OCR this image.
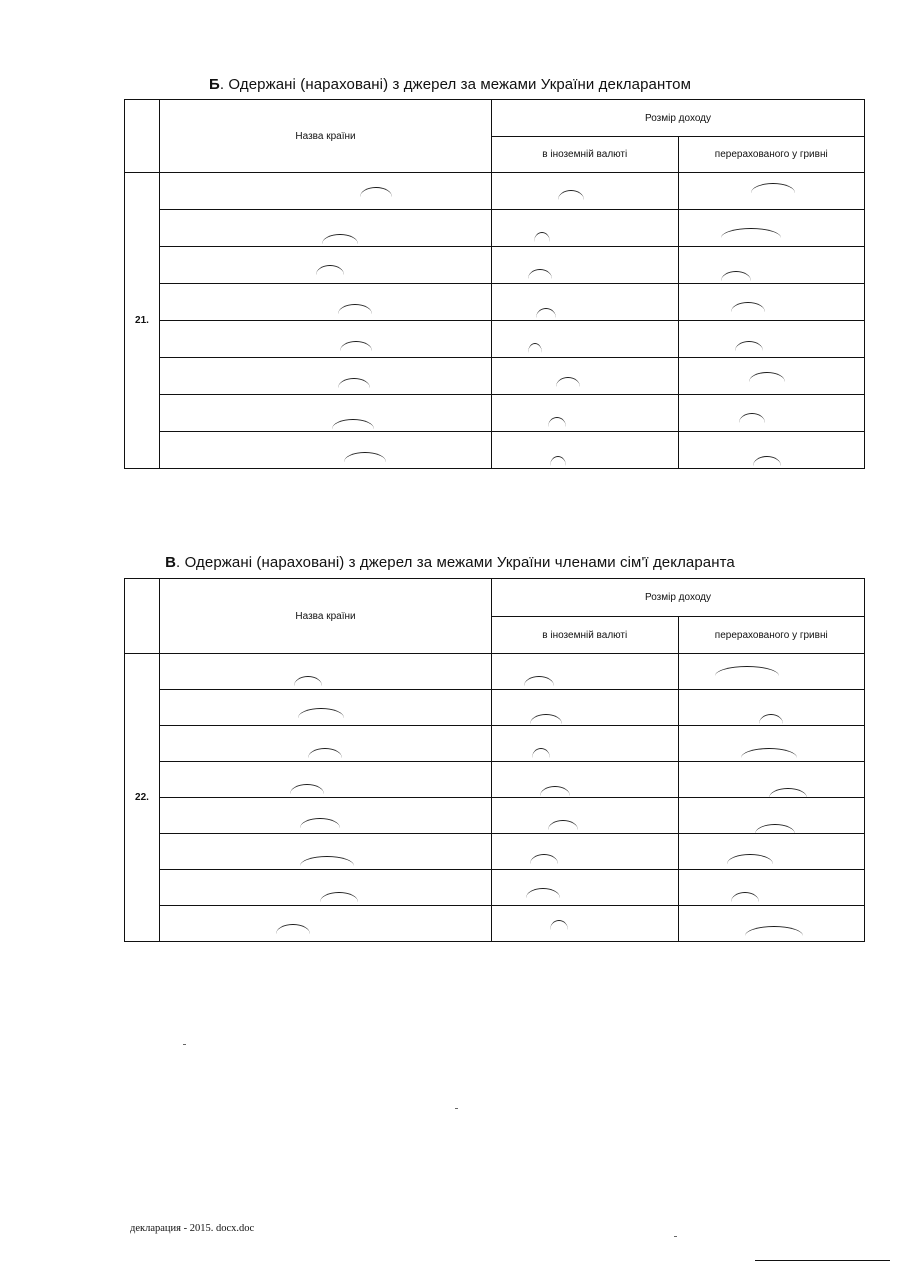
Б. Одержані (нараховані) з джерел за межами України декларантом
	Назва країни	Розмір доходу	
		в іноземній валюті	перерахованого у гривні
21.	

В. Одержані (нараховані) з джерел за межами України членами сім'ї декларанта
	Назва країни	Розмір доходу	
		в іноземній валюті	перерахованого у гривні
22.	

декларация - 2015. docx.doc
